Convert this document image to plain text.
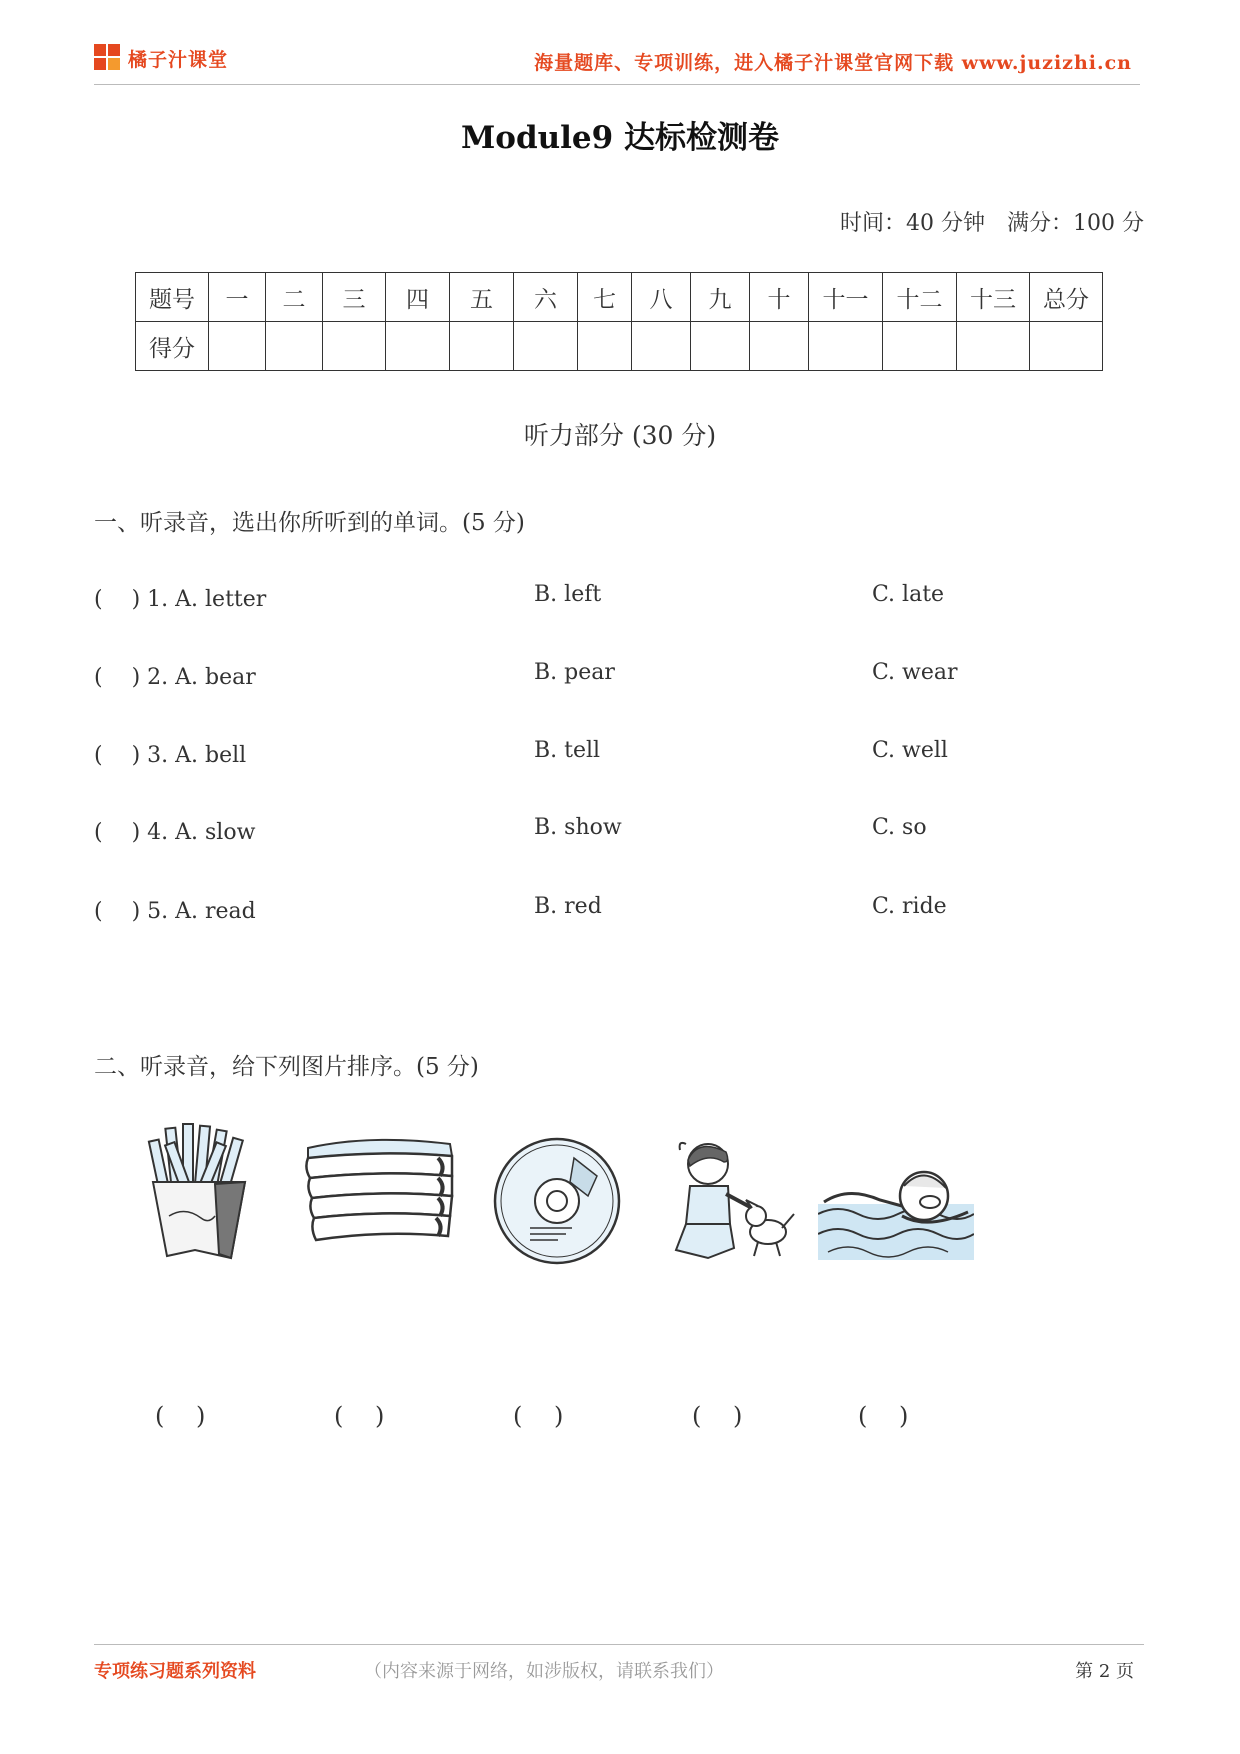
橘子汁课堂	海量题库、专项训练，进入橘子汁课堂官网下载 www.juzizhi.cn
Module9 达标检测卷
时间：40 分钟　满分：100 分
题号	一	二	三	四	五	六	七	八	九	十	十一	十二	十三	总分
得分														
听力部分 (30 分)
一、听录音，选出你所听到的单词。(5 分)
(　 ) 1. A. letter	B. left	C. late
(　 ) 2. A. bear	B. pear	C. wear
(　 ) 3. A. bell	B. tell	C. well
(　 ) 4. A. slow	B. show	C. so
(　 ) 5. A. read	B. red	C. ride
二、听录音，给下列图片排序。(5 分)
(　 )	(　 )	(　 )	(　 )	(　 )
专项练习题系列资料	（内容来源于网络，如涉版权，请联系我们）	第 2 页
